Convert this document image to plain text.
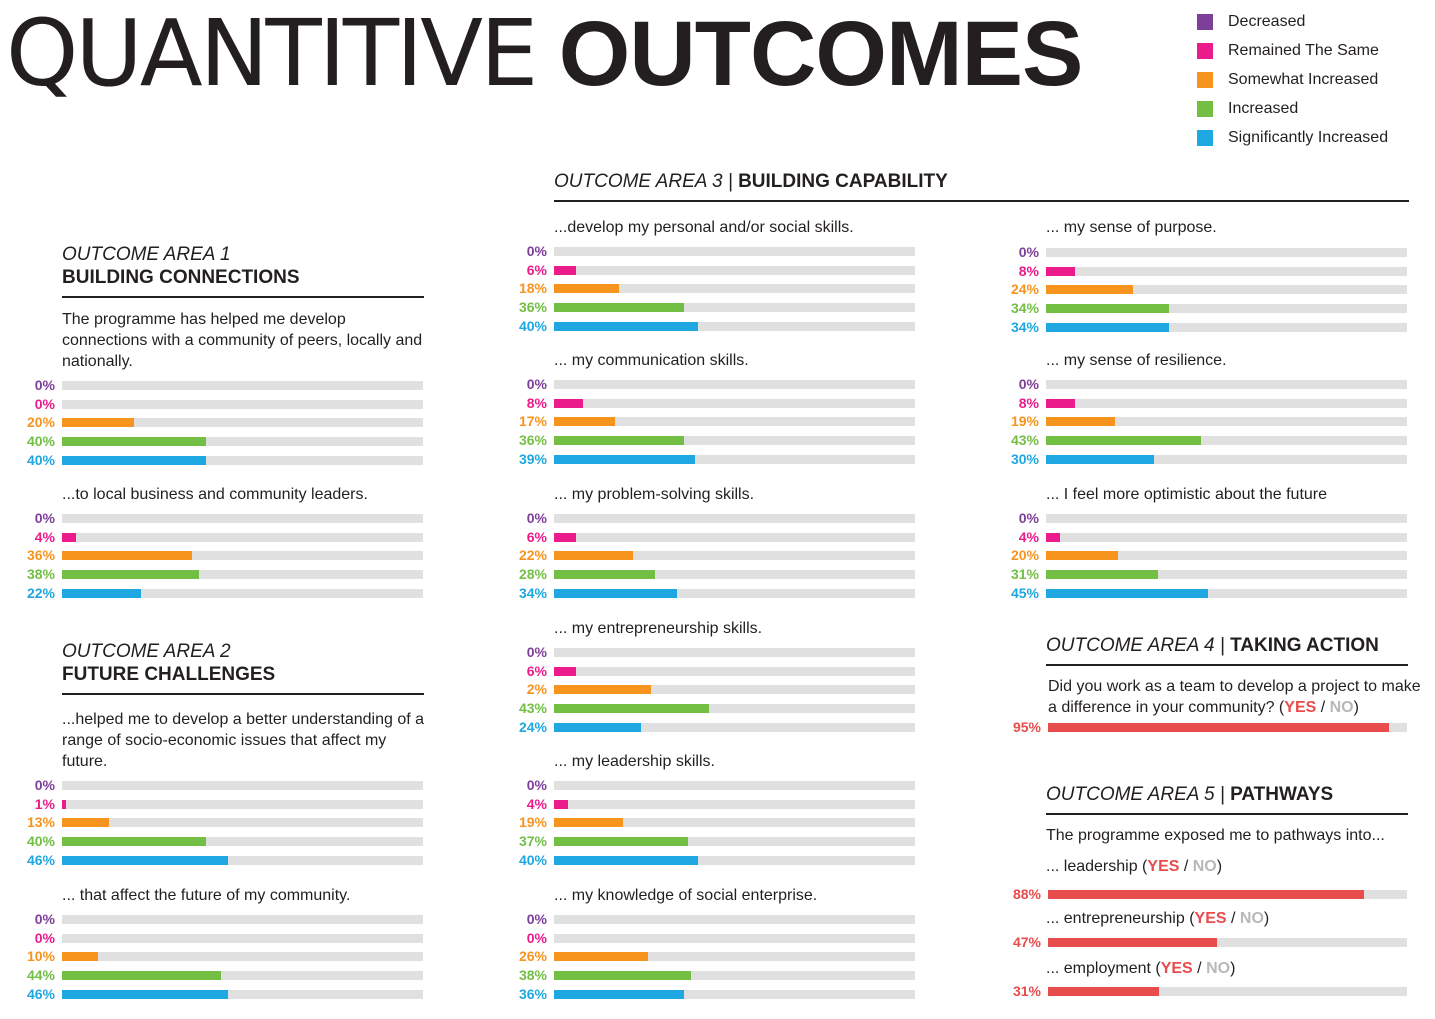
QUANTITIVE OUTCOMES	Decreased
Remained The Same
Somewhat Increased
Increased
Significantly Increased
OUTCOME AREA 1
BUILDING CONNECTIONS
OUTCOME AREA 2
FUTURE CHALLENGES
OUTCOME AREA 3 | BUILDING CAPABILITY
OUTCOME AREA 4 | TAKING ACTION
Did you work as a team to develop a project to make a difference in your community? (YES / NO)
OUTCOME AREA 5 | PATHWAYS
The programme exposed me to pathways into...
... leadership (YES / NO)
... entrepreneurship (YES / NO)
... employment (YES / NO)
The programme has helped me develop connections with a community of peers, locally and nationally.
0%
0%
20%
40%
40%
...to local business and community leaders.
0%
4%
36%
38%
22%
...helped me to develop a better understanding of a range of socio-economic issues that affect my future.
0%
1%
13%
40%
46%
... that affect the future of my community.
0%
0%
10%
44%
46%
...develop my personal and/or social skills.
0%
6%
18%
36%
40%
... my communication skills.
0%
8%
17%
36%
39%
... my problem-solving skills.
0%
6%
22%
28%
34%
... my entrepreneurship skills.
0%
6%
2%
43%
24%
... my leadership skills.
0%
4%
19%
37%
40%
... my knowledge of social enterprise.
0%
0%
26%
38%
36%
... my sense of purpose.
0%
8%
24%
34%
34%
... my sense of resilience.
0%
8%
19%
43%
30%
... I feel more optimistic about the future
0%
4%
20%
31%
45%
95%
88%
47%
31%
